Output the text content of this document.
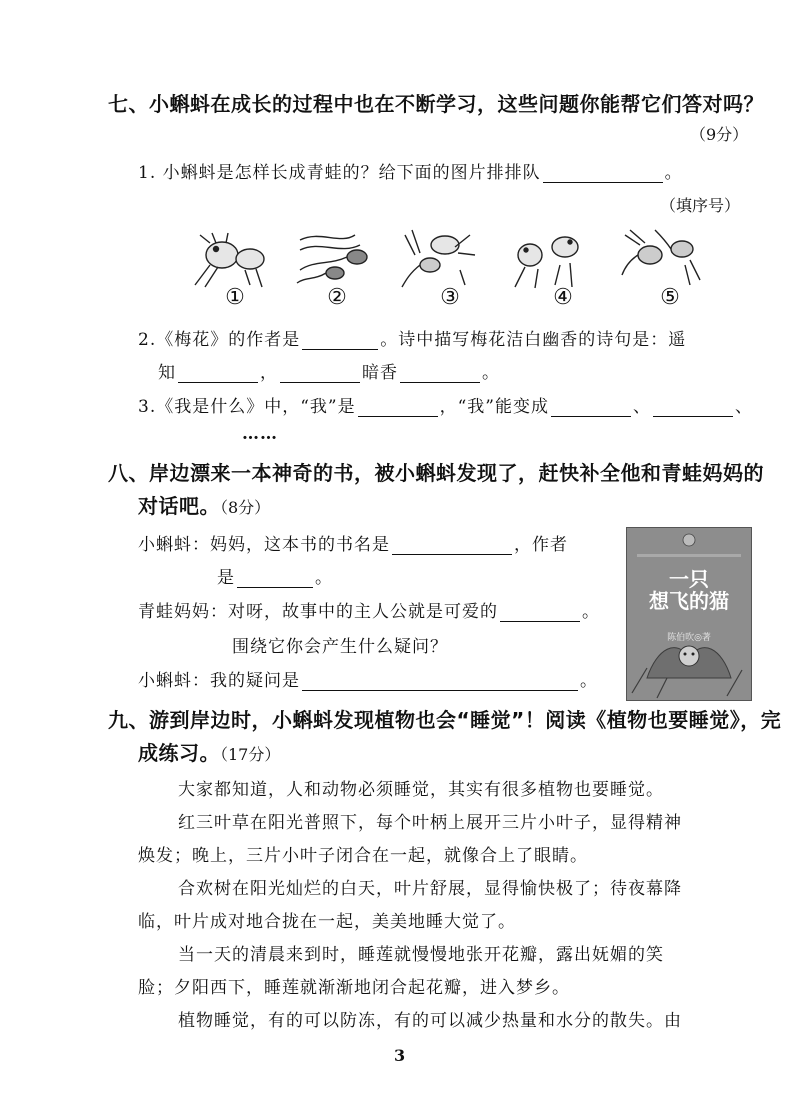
七、小蝌蚪在成长的过程中也在不断学习，这些问题你能帮它们答对吗？
（9分）
1. 小蝌蚪是怎样长成青蛙的？给下面的图片排排队	。
（填序号）
①	②	③	④	⑤
2.《梅花》的作者是	。诗中描写梅花洁白幽香的诗句是：遥
知	，	暗香	。
3.《我是什么》中，“我”是	，“我”能变成	、	、
……
八、岸边漂来一本神奇的书，被小蝌蚪发现了，赶快补全他和青蛙妈妈的
对话吧。（8分）
小蝌蚪：妈妈，这本书的书名是	，作者
是	。
青蛙妈妈：对呀，故事中的主人公就是可爱的	。
围绕它你会产生什么疑问？
小蝌蚪：我的疑问是	。
一只
想飞的猫
陈伯吹◎著
九、游到岸边时，小蝌蚪发现植物也会“睡觉”！阅读《植物也要睡觉》，完
成练习。（17分）
大家都知道，人和动物必须睡觉，其实有很多植物也要睡觉。
红三叶草在阳光普照下，每个叶柄上展开三片小叶子，显得精神
焕发；晚上，三片小叶子闭合在一起，就像合上了眼睛。
合欢树在阳光灿烂的白天，叶片舒展，显得愉快极了；待夜幕降
临，叶片成对地合拢在一起，美美地睡大觉了。
当一天的清晨来到时，睡莲就慢慢地张开花瓣，露出妩媚的笑
脸；夕阳西下，睡莲就渐渐地闭合起花瓣，进入梦乡。
植物睡觉，有的可以防冻，有的可以减少热量和水分的散失。由
3
